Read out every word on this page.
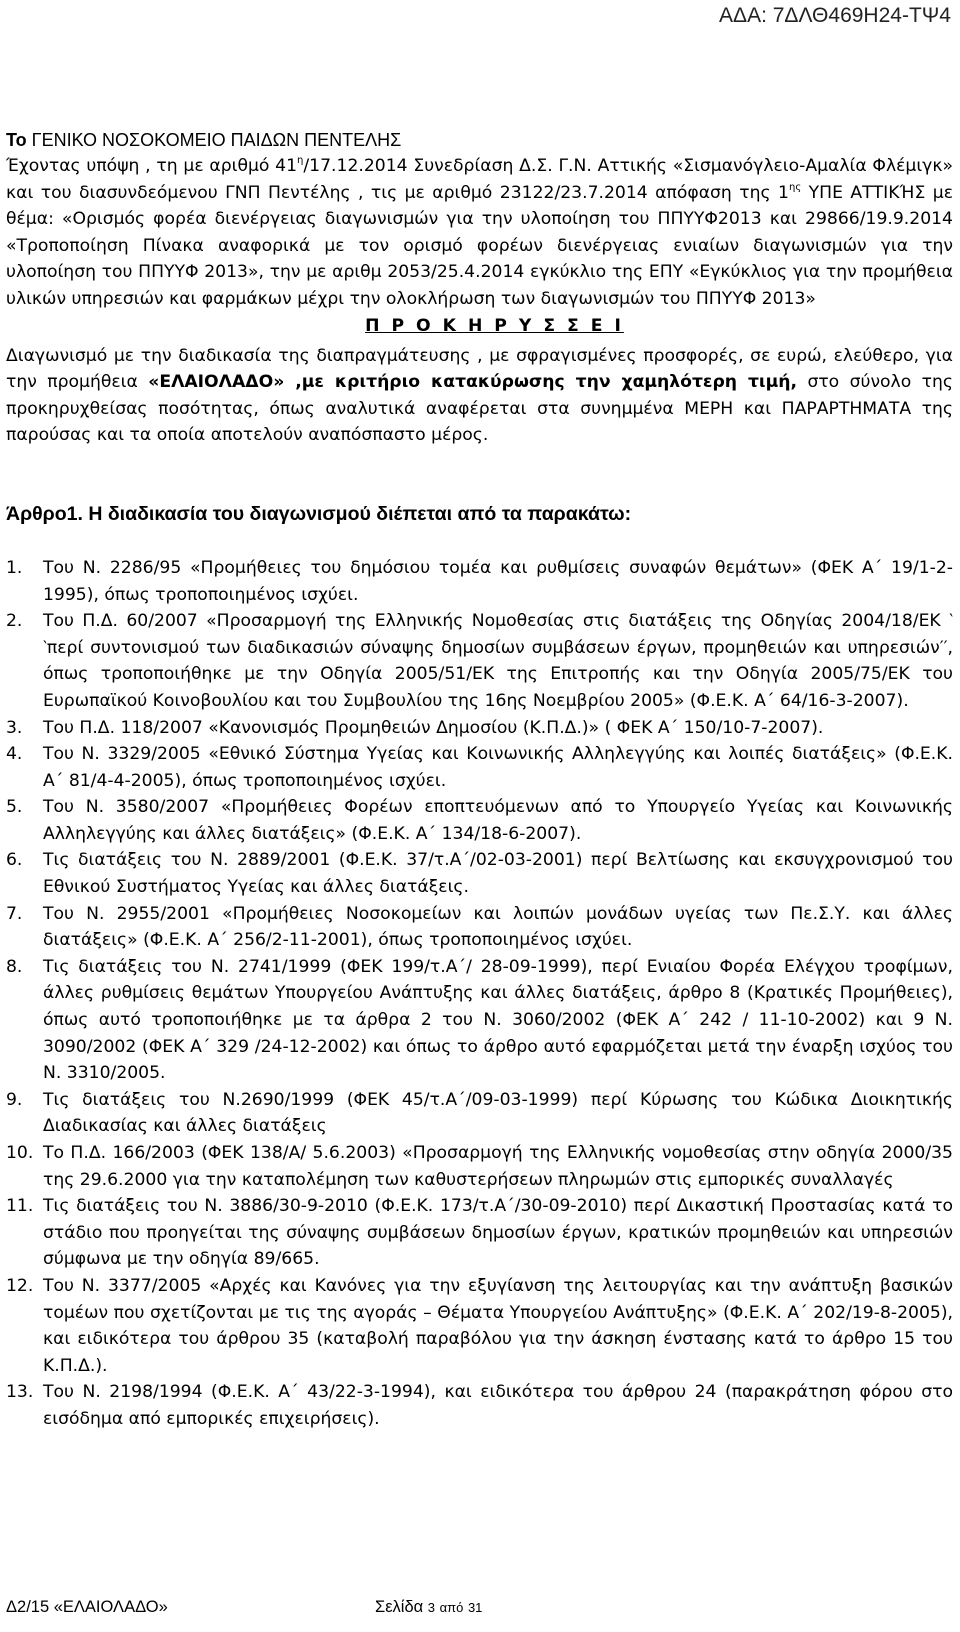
ΑΔΑ: 7ΔΛΘ469Η24-ΤΨ4

Το ΓΕΝΙΚΟ ΝΟΣΟΚΟΜΕΙΟ ΠΑΙΔΩΝ ΠΕΝΤΕΛΗΣ

Έχοντας υπόψη , τη με αριθμό $41^\eta/17.12.2014$ Συνεδρίαση Δ.Σ. Γ.Ν. Αττικής «Σισμανόγλειο-Αμαλία Φλέμιγκ» και του διασυνδεόμενου ΓΝΠ Πεντέλης , τις με αριθμό 23122/23.7.2014 απόφαση της $1^{\eta\varsigma}$ ΥΠΕ ΑΤΤΙΚΉΣ με θέμα: «Ορισμός φορέα διενέργειας διαγωνισμών για την υλοποίηση του ΠΠΥΥΦ2013 και 29866/19.9.2014 «Τροποποίηση Πίνακα αναφορικά με τον ορισμό φορέων διενέργειας ενιαίων διαγωνισμών για την υλοποίηση του ΠΠΥΥΦ 2013», την με αριθμ 2053/25.4.2014 εγκύκλιο της ΕΠΥ «Εγκύκλιος για την προμήθεια υλικών υπηρεσιών και φαρμάκων μέχρι την ολοκλήρωση των διαγωνισμών του ΠΠΥΥΦ 2013»

Π Ρ Ο Κ Η Ρ Υ Σ Σ Ε Ι

Διαγωνισμό με την διαδικασία της διαπραγμάτευσης , με σφραγισμένες προσφορές, σε ευρώ, ελεύθερο, για την προμήθεια «ΕΛΑΙΟΛΑΔΟ» ,με κριτήριο κατακύρωσης την χαμηλότερη τιμή, στο σύνολο της προκηρυχθείσας ποσότητας, όπως αναλυτικά αναφέρεται στα συνημμένα ΜΕΡΗ και ΠΑΡΑΡΤΗΜΑΤΑ της παρούσας και τα οποία αποτελούν αναπόσπαστο μέρος.

Άρθρο1. Η διαδικασία του διαγωνισμού διέπεται από τα παρακάτω:

1. Του Ν. 2286/95 «Προμήθειες του δημόσιου τομέα και ρυθμίσεις συναφών θεμάτων» (ΦΕΚ Α΄ 19/1-2-1995), όπως τροποποιημένος ισχύει.
2. Του Π.Δ. 60/2007 «Προσαρμογή της Ελληνικής Νομοθεσίας στις διατάξεις της Οδηγίας 2004/18/ΕΚ ‵‵περί συντονισμού των διαδικασιών σύναψης δημοσίων συμβάσεων έργων, προμηθειών και υπηρεσιών′′, όπως τροποποιήθηκε με την Οδηγία 2005/51/ΕΚ της Επιτροπής και την Οδηγία 2005/75/ΕΚ του Ευρωπαϊκού Κοινοβουλίου και του Συμβουλίου της 16ης Νοεμβρίου 2005» (Φ.Ε.Κ. Α΄ 64/16-3-2007).
3. Του Π.Δ. 118/2007 «Κανονισμός Προμηθειών Δημοσίου (Κ.Π.Δ.)» ( ΦΕΚ Α΄ 150/10-7-2007).
4. Του Ν. 3329/2005 «Εθνικό Σύστημα Υγείας και Κοινωνικής Αλληλεγγύης και λοιπές διατάξεις» (Φ.Ε.Κ. Α΄ 81/4-4-2005), όπως τροποποιημένος ισχύει.
5. Του Ν. 3580/2007 «Προμήθειες Φορέων εποπτευόμενων από το Υπουργείο Υγείας και Κοινωνικής Αλληλεγγύης και άλλες διατάξεις» (Φ.Ε.Κ. Α΄ 134/18-6-2007).
6. Τις διατάξεις του Ν. 2889/2001 (Φ.Ε.Κ. 37/τ.Α΄/02-03-2001) περί Βελτίωσης και εκσυγχρονισμού του Εθνικού Συστήματος Υγείας και άλλες διατάξεις.
7. Του Ν. 2955/2001 «Προμήθειες Νοσοκομείων και λοιπών μονάδων υγείας των Πε.Σ.Υ. και άλλες διατάξεις» (Φ.Ε.Κ. Α΄ 256/2-11-2001), όπως τροποποιημένος ισχύει.
8. Τις διατάξεις του Ν. 2741/1999 (ΦΕΚ 199/τ.Α΄/ 28-09-1999), περί Ενιαίου Φορέα Ελέγχου τροφίμων, άλλες ρυθμίσεις θεμάτων Υπουργείου Ανάπτυξης και άλλες διατάξεις, άρθρο 8 (Κρατικές Προμήθειες), όπως αυτό τροποποιήθηκε με τα άρθρα 2 του Ν. 3060/2002 (ΦΕΚ Α΄ 242 / 11-10-2002) και 9 Ν. 3090/2002 (ΦΕΚ Α΄ 329 /24-12-2002) και όπως το άρθρο αυτό εφαρμόζεται μετά την έναρξη ισχύος του Ν. 3310/2005.
9. Τις διατάξεις του Ν.2690/1999 (ΦΕΚ 45/τ.Α΄/09-03-1999) περί Κύρωσης του Κώδικα Διοικητικής Διαδικασίας και άλλες διατάξεις
10. Το Π.Δ. 166/2003 (ΦΕΚ 138/Α/ 5.6.2003) «Προσαρμογή της Ελληνικής νομοθεσίας στην οδηγία 2000/35 της 29.6.2000 για την καταπολέμηση των καθυστερήσεων πληρωμών στις εμπορικές συναλλαγές
11. Τις διατάξεις του Ν. 3886/30-9-2010 (Φ.Ε.Κ. 173/τ.Α΄/30-09-2010) περί Δικαστική Προστασίας κατά το στάδιο που προηγείται της σύναψης συμβάσεων δημοσίων έργων, κρατικών προμηθειών και υπηρεσιών σύμφωνα με την οδηγία 89/665.
12. Του Ν. 3377/2005 «Αρχές και Κανόνες για την εξυγίανση της λειτουργίας και την ανάπτυξη βασικών τομέων που σχετίζονται με τις της αγοράς – Θέματα Υπουργείου Ανάπτυξης» (Φ.Ε.Κ. Α΄ 202/19-8-2005), και ειδικότερα του άρθρου 35 (καταβολή παραβόλου για την άσκηση ένστασης κατά το άρθρο 15 του Κ.Π.Δ.).
13. Του Ν. 2198/1994 (Φ.Ε.Κ. Α΄ 43/22-3-1994), και ειδικότερα του άρθρου 24 (παρακράτηση φόρου στο εισόδημα από εμπορικές επιχειρήσεις).
Δ2/15 «ΕΛΑΙΟΛΑΔΟ»	Σελίδα 3 από 31
